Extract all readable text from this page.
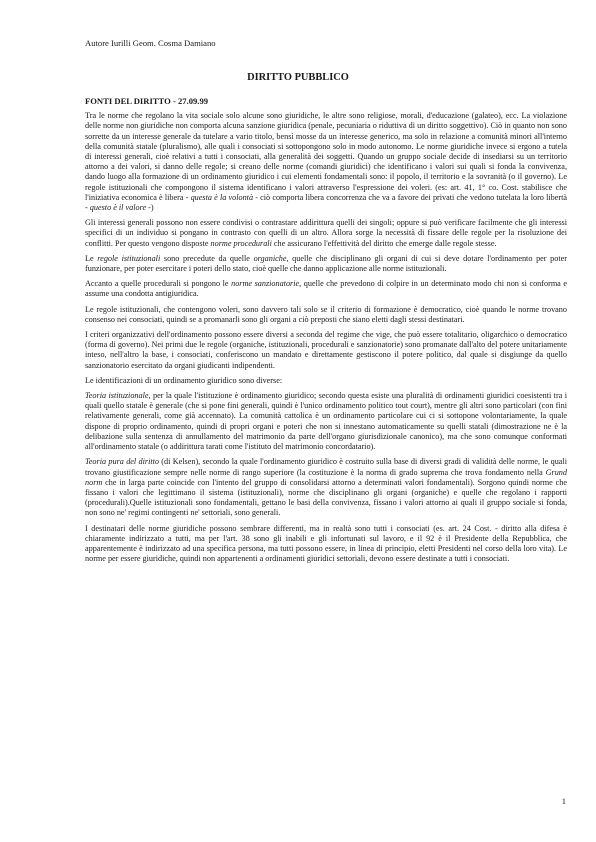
Autore Iurilli Geom. Cosma Damiano
DIRITTO PUBBLICO
FONTI DEL DIRITTO - 27.09.99

Tra le norme che regolano la vita sociale solo alcune sono giuridiche, le altre sono religiose, morali, d'educazione (galateo), ecc. La violazione delle norme non giuridiche non comporta alcuna sanzione giuridica (penale, pecuniaria o riduttiva di un diritto soggettivo). Ciò in quanto non sono sorrette da un interesse generale da tutelare a vario titolo, bensì mosse da un interesse generico, ma solo in relazione a comunità minori all'interno della comunità statale (pluralismo), alle quali i consociati si sottopongono solo in modo autonomo. Le norme giuridiche invece si ergono a tutela di interessi generali, cioè relativi a tutti i consociati, alla generalità dei soggetti. Quando un gruppo sociale decide di insediarsi su un territorio attorno a dei valori, si danno delle regole; si creano delle norme (comandi giuridici) che identificano i valori sui quali si fonda la convivenza, dando luogo alla formazione di un ordinamento giuridico i cui elementi fondamentali sono: il popolo, il territorio e la sovranità (o il governo). Le regole istituzionali che compongono il sistema identificano i valori attraverso l'espressione dei voleri. (es: art. 41, 1° co. Cost. stabilisce che l'iniziativa economica è libera - questa è la volontà - ciò comporta libera concorrenza che va a favore dei privati che vedono tutelata la loro libertà - questo è il valore -)

Gli interessi generali possono non essere condivisi o contrastare addirittura quelli dei singoli; oppure si può verificare facilmente che gli interessi specifici di un individuo si pongano in contrasto con quelli di un altro. Allora sorge la necessità di fissare delle regole per la risoluzione dei conflitti. Per questo vengono disposte norme procedurali che assicurano l'effettività del diritto che emerge dalle regole stesse.

Le regole istituzionali sono precedute da quelle organiche, quelle che disciplinano gli organi di cui si deve dotare l'ordinamento per poter funzionare, per poter esercitare i poteri dello stato, cioè quelle che danno applicazione alle norme istituzionali.

Accanto a quelle procedurali si pongono le norme sanzionatorie, quelle che prevedono di colpire in un determinato modo chi non si conforma e assume una condotta antigiuridica.

Le regole istituzionali, che contengono voleri, sono davvero tali solo se il criterio di formazione è democratico, cioè quando le norme trovano consenso nei consociati, quindi se a promanarli sono gli organi a ciò preposti che siano eletti dagli stessi destinatari.

I criteri organizzativi dell'ordinamento possono essere diversi a seconda del regime che vige, che può essere totalitario, oligarchico o democratico (forma di governo). Nei primi due le regole (organiche, istituzionali, procedurali e sanzionatorie) sono promanate dall'alto del potere unitariamente inteso, nell'altro la base, i consociati, conferiscono un mandato e direttamente gestiscono il potere politico, dal quale si disgiunge da quello sanzionatorio esercitato da organi giudicanti indipendenti.

Le identificazioni di un ordinamento giuridico sono diverse:

Teoria istituzionale, per la quale l'istituzione è ordinamento giuridico; secondo questa esiste una pluralità di ordinamenti giuridici coesistenti tra i quali quello statale è generale (che si pone fini generali, quindi è l'unico ordinamento politico tout court), mentre gli altri sono particolari (con fini relativamente generali, come già accennato). La comunità cattolica è un ordinamento particolare cui ci si sottopone volontariamente, la quale dispone di proprio ordinamento, quindi di propri organi e poteri che non si innestano automaticamente su quelli statali (dimostrazione ne è la delibazione sulla sentenza di annullamento del matrimonio da parte dell'organo giurisdizionale canonico), ma che sono comunque conformati all'ordinamento statale (o addirittura tarati come l'istituto del matrimonio concordatario).

Teoria pura del diritto (di Kelsen), secondo la quale l'ordinamento giuridico è costruito sulla base di diversi gradi di validità delle norme, le quali trovano giustificazione sempre nelle norme di rango superiore (la costituzione è la norma di grado suprema che trova fondamento nella Grund norm che in larga parte coincide con l'intento del gruppo di consolidarsi attorno a determinati valori fondamentali). Sorgono quindi norme che fissano i valori che legittimano il sistema (istituzionali), norme che disciplinano gli organi (organiche) e quelle che regolano i rapporti (procedurali).Quelle istituzionali sono fondamentali, gettano le basi della convivenza, fissano i valori attorno ai quali il gruppo sociale si fonda, non sono ne' regimi contingenti ne' settoriali, sono generali.

I destinatari delle norme giuridiche possono sembrare differenti, ma in realtà sono tutti i consociati (es. art. 24 Cost. - diritto alla difesa è chiaramente indirizzato a tutti, ma per l'art. 38 sono gli inabili e gli infortunati sul lavoro, e il 92 è il Presidente della Repubblica, che apparentemente è indirizzato ad una specifica persona, ma tutti possono essere, in linea di principio, eletti Presidenti nel corso della loro vita). Le norme per essere giuridiche, quindi non appartenenti a ordinamenti giuridici settoriali, devono essere destinate a tutti i consociati.

1
